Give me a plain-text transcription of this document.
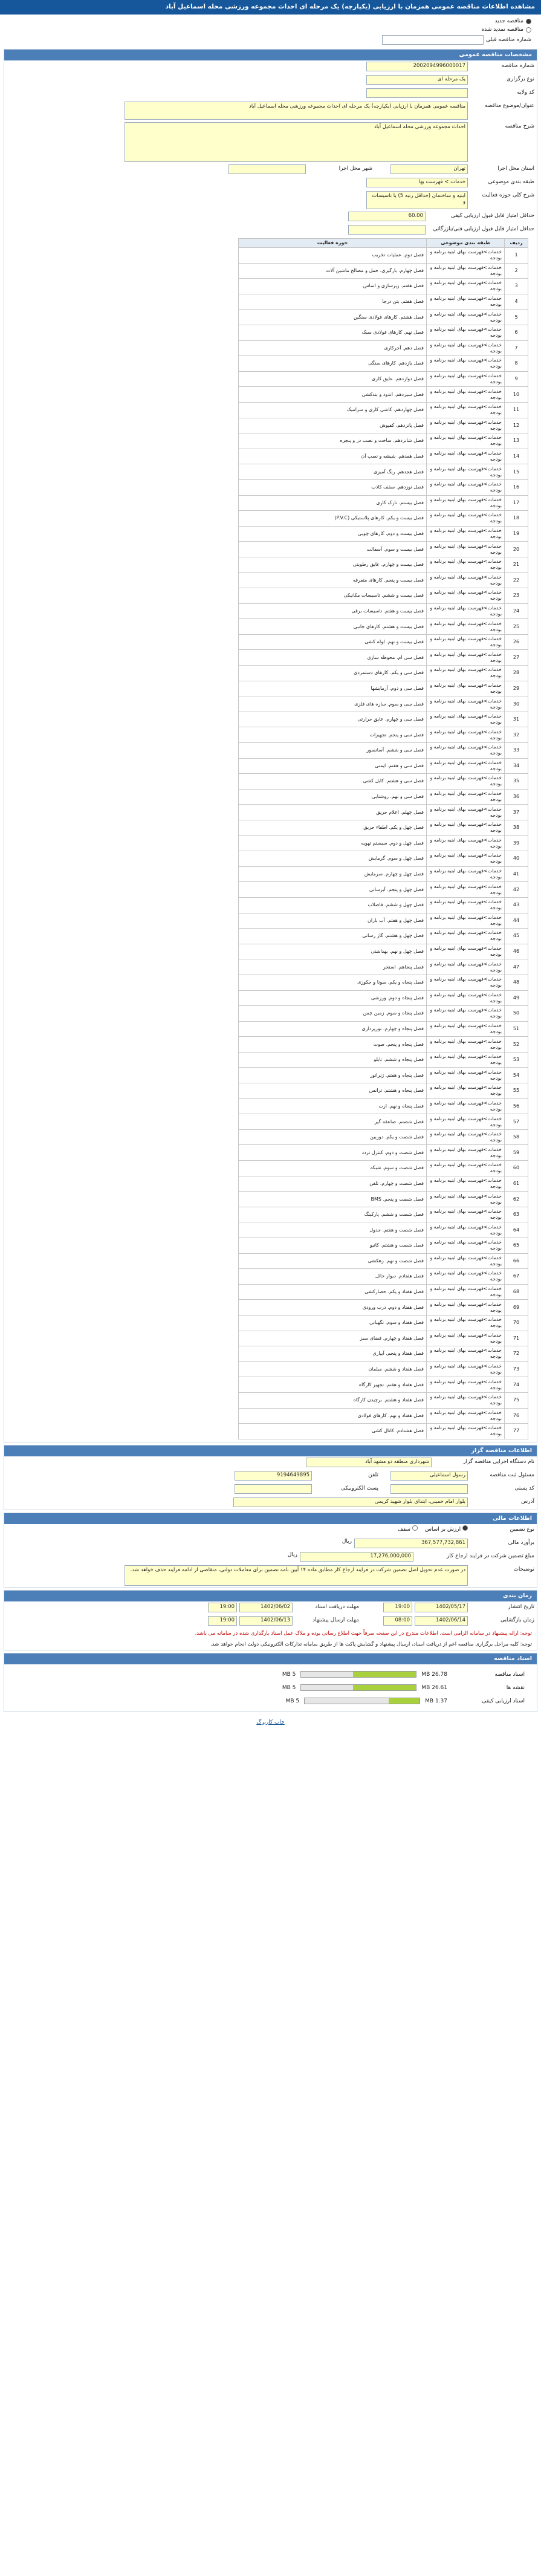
مشاهده اطلاعات مناقصه عمومی همزمان با ارزیابی (یکپارچه) یک مرحله ای احداث مجموعه ورزشی محله اسماعیل آباد
مناقصه جدید
مناقصه تمدید شده
شماره مناقصه قبلی
مشخصات مناقصه عمومی
شماره مناقصه
2002094996000017
نوع برگزاری
یک مرحله ای
کد ولایه
عنوان/موضوع مناقصه
مناقصه عمومی همزمان با ارزیابی (یکپارچه) یک مرحله ای احداث مجموعه ورزشی محله اسماعیل آباد
شرح مناقصه
احداث مجموعه ورزشی محله اسماعیل آباد
استان محل اجرا
تهران
شهر محل اجرا
طبقه بندی موضوعی
خدمات > فهرست بها
شرح کلی حوزه فعالیت
ابنیه و ساختمان (حداقل رتبه 5) یا تاسیسات و
حداقل امتیاز قابل قبول ارزیابی کیفی
60.00
حداقل امتیاز قابل قبول ارزیابی فنی/بازرگانی
ردیف	طبقه بندی موضوعی	حوزه فعالیت
1	خدمات>فهرست بهای ابنیه برنامه و بودجه	فصل دوم. عملیات تخریب
2	خدمات>فهرست بهای ابنیه برنامه و بودجه	فصل چهارم. بارگیری، حمل و مصالح ماشین آلات
3	خدمات>فهرست بهای ابنیه برنامه و بودجه	فصل هفتم. زیرسازی و اساس
4	خدمات>فهرست بهای ابنیه برنامه و بودجه	فصل هفتم. بتن درجا
5	خدمات>فهرست بهای ابنیه برنامه و بودجه	فصل هشتم. کارهای فولادی سنگین
6	خدمات>فهرست بهای ابنیه برنامه و بودجه	فصل نهم. کارهای فولادی سبک
7	خدمات>فهرست بهای ابنیه برنامه و بودجه	فصل دهم. آجرکاری
8	خدمات>فهرست بهای ابنیه برنامه و بودجه	فصل یازدهم. کارهای سنگی
9	خدمات>فهرست بهای ابنیه برنامه و بودجه	فصل دوازدهم. عایق کاری
10	خدمات>فهرست بهای ابنیه برنامه و بودجه	فصل سیزدهم. اندود و بندکشی
11	خدمات>فهرست بهای ابنیه برنامه و بودجه	فصل چهاردهم. کاشی کاری و سرامیک
12	خدمات>فهرست بهای ابنیه برنامه و بودجه	فصل پانزدهم. کفپوش
13	خدمات>فهرست بهای ابنیه برنامه و بودجه	فصل شانزدهم. ساخت و نصب در و پنجره
14	خدمات>فهرست بهای ابنیه برنامه و بودجه	فصل هفدهم. شیشه و نصب آن
15	خدمات>فهرست بهای ابنیه برنامه و بودجه	فصل هجدهم. رنگ آمیزی
16	خدمات>فهرست بهای ابنیه برنامه و بودجه	فصل نوزدهم. سقف کاذب
17	خدمات>فهرست بهای ابنیه برنامه و بودجه	فصل بیستم. نازک کاری
18	خدمات>فهرست بهای ابنیه برنامه و بودجه	فصل بیست و یکم. کارهای پلاستیکی (P.V.C)
19	خدمات>فهرست بهای ابنیه برنامه و بودجه	فصل بیست و دوم. کارهای چوبی
20	خدمات>فهرست بهای ابنیه برنامه و بودجه	فصل بیست و سوم. آسفالت
21	خدمات>فهرست بهای ابنیه برنامه و بودجه	فصل بیست و چهارم. عایق رطوبتی
22	خدمات>فهرست بهای ابنیه برنامه و بودجه	فصل بیست و پنجم. کارهای متفرقه
23	خدمات>فهرست بهای ابنیه برنامه و بودجه	فصل بیست و ششم. تاسیسات مکانیکی
24	خدمات>فهرست بهای ابنیه برنامه و بودجه	فصل بیست و هفتم. تاسیسات برقی
25	خدمات>فهرست بهای ابنیه برنامه و بودجه	فصل بیست و هشتم. کارهای جانبی
26	خدمات>فهرست بهای ابنیه برنامه و بودجه	فصل بیست و نهم. لوله کشی
27	خدمات>فهرست بهای ابنیه برنامه و بودجه	فصل سی ام. محوطه سازی
28	خدمات>فهرست بهای ابنیه برنامه و بودجه	فصل سی و یکم. کارهای دستمزدی
29	خدمات>فهرست بهای ابنیه برنامه و بودجه	فصل سی و دوم. آزمایشها
30	خدمات>فهرست بهای ابنیه برنامه و بودجه	فصل سی و سوم. سازه های فلزی
31	خدمات>فهرست بهای ابنیه برنامه و بودجه	فصل سی و چهارم. عایق حرارتی
32	خدمات>فهرست بهای ابنیه برنامه و بودجه	فصل سی و پنجم. تجهیزات
33	خدمات>فهرست بهای ابنیه برنامه و بودجه	فصل سی و ششم. آسانسور
34	خدمات>فهرست بهای ابنیه برنامه و بودجه	فصل سی و هفتم. ایمنی
35	خدمات>فهرست بهای ابنیه برنامه و بودجه	فصل سی و هشتم. کابل کشی
36	خدمات>فهرست بهای ابنیه برنامه و بودجه	فصل سی و نهم. روشنایی
37	خدمات>فهرست بهای ابنیه برنامه و بودجه	فصل چهلم. اعلام حریق
38	خدمات>فهرست بهای ابنیه برنامه و بودجه	فصل چهل و یکم. اطفاء حریق
39	خدمات>فهرست بهای ابنیه برنامه و بودجه	فصل چهل و دوم. سیستم تهویه
40	خدمات>فهرست بهای ابنیه برنامه و بودجه	فصل چهل و سوم. گرمایش
41	خدمات>فهرست بهای ابنیه برنامه و بودجه	فصل چهل و چهارم. سرمایش
42	خدمات>فهرست بهای ابنیه برنامه و بودجه	فصل چهل و پنجم. آبرسانی
43	خدمات>فهرست بهای ابنیه برنامه و بودجه	فصل چهل و ششم. فاضلاب
44	خدمات>فهرست بهای ابنیه برنامه و بودجه	فصل چهل و هفتم. آب باران
45	خدمات>فهرست بهای ابنیه برنامه و بودجه	فصل چهل و هشتم. گاز رسانی
46	خدمات>فهرست بهای ابنیه برنامه و بودجه	فصل چهل و نهم. بهداشتی
47	خدمات>فهرست بهای ابنیه برنامه و بودجه	فصل پنجاهم. استخر
48	خدمات>فهرست بهای ابنیه برنامه و بودجه	فصل پنجاه و یکم. سونا و جکوزی
49	خدمات>فهرست بهای ابنیه برنامه و بودجه	فصل پنجاه و دوم. ورزشی
50	خدمات>فهرست بهای ابنیه برنامه و بودجه	فصل پنجاه و سوم. زمین چمن
51	خدمات>فهرست بهای ابنیه برنامه و بودجه	فصل پنجاه و چهارم. نورپردازی
52	خدمات>فهرست بهای ابنیه برنامه و بودجه	فصل پنجاه و پنجم. صوت
53	خدمات>فهرست بهای ابنیه برنامه و بودجه	فصل پنجاه و ششم. تابلو
54	خدمات>فهرست بهای ابنیه برنامه و بودجه	فصل پنجاه و هفتم. ژنراتور
55	خدمات>فهرست بهای ابنیه برنامه و بودجه	فصل پنجاه و هشتم. ترانس
56	خدمات>فهرست بهای ابنیه برنامه و بودجه	فصل پنجاه و نهم. ارت
57	خدمات>فهرست بهای ابنیه برنامه و بودجه	فصل شصتم. صاعقه گیر
58	خدمات>فهرست بهای ابنیه برنامه و بودجه	فصل شصت و یکم. دوربین
59	خدمات>فهرست بهای ابنیه برنامه و بودجه	فصل شصت و دوم. کنترل تردد
60	خدمات>فهرست بهای ابنیه برنامه و بودجه	فصل شصت و سوم. شبکه
61	خدمات>فهرست بهای ابنیه برنامه و بودجه	فصل شصت و چهارم. تلفن
62	خدمات>فهرست بهای ابنیه برنامه و بودجه	فصل شصت و پنجم. BMS
63	خدمات>فهرست بهای ابنیه برنامه و بودجه	فصل شصت و ششم. پارکینگ
64	خدمات>فهرست بهای ابنیه برنامه و بودجه	فصل شصت و هفتم. جدول
65	خدمات>فهرست بهای ابنیه برنامه و بودجه	فصل شصت و هشتم. کانیو
66	خدمات>فهرست بهای ابنیه برنامه و بودجه	فصل شصت و نهم. زهکشی
67	خدمات>فهرست بهای ابنیه برنامه و بودجه	فصل هفتادم. دیوار حائل
68	خدمات>فهرست بهای ابنیه برنامه و بودجه	فصل هفتاد و یکم. حصارکشی
69	خدمات>فهرست بهای ابنیه برنامه و بودجه	فصل هفتاد و دوم. درب ورودی
70	خدمات>فهرست بهای ابنیه برنامه و بودجه	فصل هفتاد و سوم. نگهبانی
71	خدمات>فهرست بهای ابنیه برنامه و بودجه	فصل هفتاد و چهارم. فضای سبز
72	خدمات>فهرست بهای ابنیه برنامه و بودجه	فصل هفتاد و پنجم. آبیاری
73	خدمات>فهرست بهای ابنیه برنامه و بودجه	فصل هفتاد و ششم. مبلمان
74	خدمات>فهرست بهای ابنیه برنامه و بودجه	فصل هفتاد و هفتم. تجهیز کارگاه
75	خدمات>فهرست بهای ابنیه برنامه و بودجه	فصل هفتاد و هشتم. برچیدن کارگاه
76	خدمات>فهرست بهای ابنیه برنامه و بودجه	فصل هفتاد و نهم. کارهای فولادی
77	خدمات>فهرست بهای ابنیه برنامه و بودجه	فصل هشتادم. کانال کشی
اطلاعات مناقصه گزار
نام دستگاه اجرایی مناقصه گزار
شهرداری منطقه دو مشهد آباد
مسئول ثبت مناقصه
رسول اسماعیلی
تلفن
9194649895
کد پستی
پست الکترونیکی
آدرس
بلوار امام خمینی، ابتدای بلوار شهید کریمی
اطلاعات مالی
نوع تضمین
ارزش بر اساس
سقف
برآورد مالی
367,577,732,861
ریال
مبلغ تضمین شرکت در فرایند ارجاع کار
17,276,000,000
ریال
توضیحات
در صورت عدم تحویل اصل تضمین شرکت در فرایند ارجاع کار مطابق ماده ۱۴ آیین نامه تضمین برای معاملات دولتی، متقاضی از ادامه فرایند حذف خواهد شد.
زمان بندی
تاریخ انتشار
1402/05/17
19:00
مهلت دریافت اسناد
1402/06/02
19:00
زمان بازگشایی
1402/06/14
08:00
مهلت ارسال پیشنهاد
1402/06/13
19:00
توجه: ارائه پیشنهاد در سامانه الزامی است. اطلاعات مندرج در این صفحه صرفاً جهت اطلاع رسانی بوده و ملاک عمل اسناد بارگذاری شده در سامانه می باشد.
توجه: کلیه مراحل برگزاری مناقصه اعم از دریافت اسناد، ارسال پیشنهاد و گشایش پاکت ها از طریق سامانه تدارکات الکترونیکی دولت انجام خواهد شد.
اسناد مناقصه
اسناد مناقصه
26.78 MB
5 MB
نقشه ها
26.61 MB
5 MB
اسناد ارزیابی کیفی
1.37 MB
5 MB
چاپ کاربرگ
